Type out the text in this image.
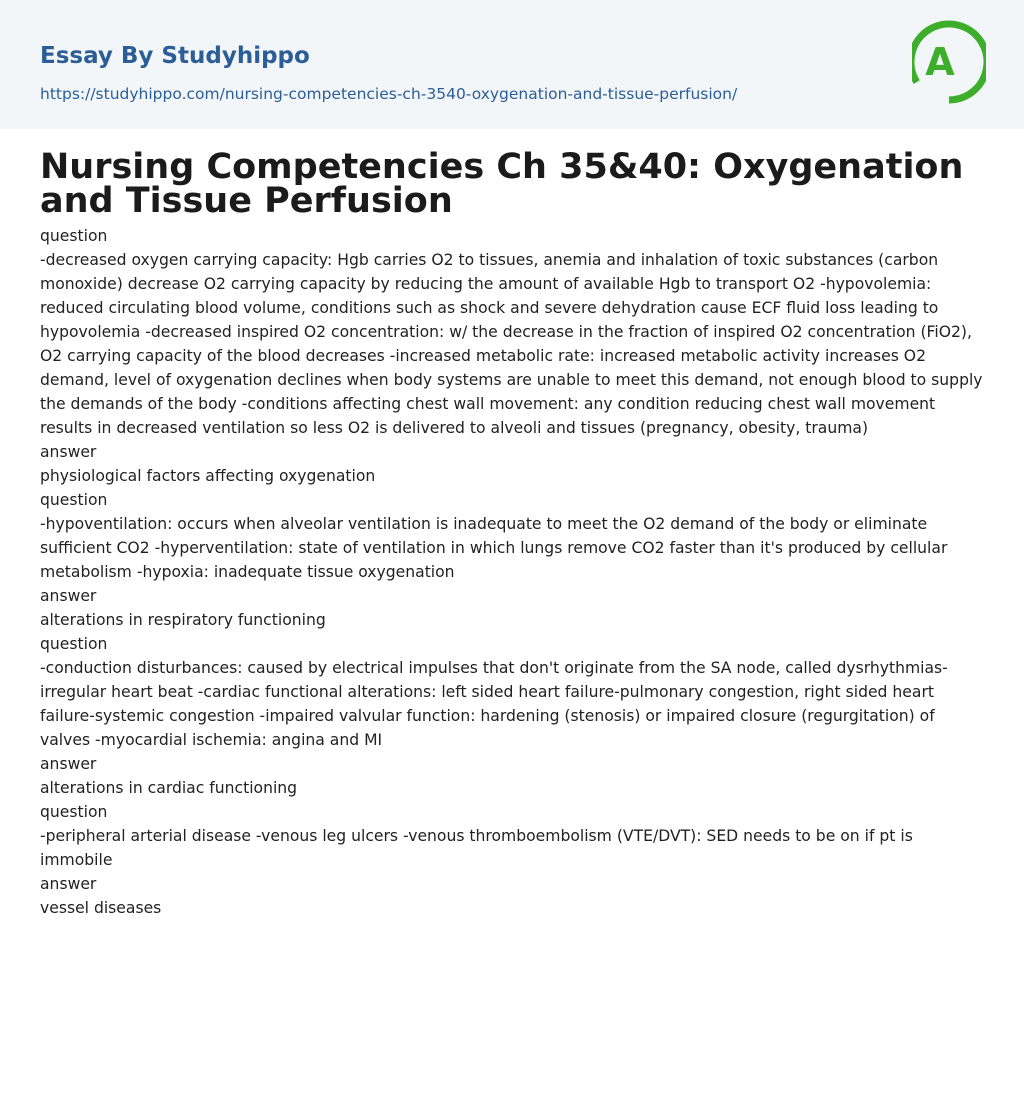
Essay By Studyhippo
https://studyhippo.com/nursing-competencies-ch-3540-oxygenation-and-tissue-perfusion/
A
Nursing Competencies Ch 35&40: Oxygenation and Tissue Perfusion

question

-decreased oxygen carrying capacity: Hgb carries O2 to tissues, anemia and inhalation of toxic substances (carbon monoxide) decrease O2 carrying capacity by reducing the amount of available Hgb to transport O2 -hypovolemia: reduced circulating blood volume, conditions such as shock and severe dehydration cause ECF fluid loss leading to hypovolemia -decreased inspired O2 concentration: w/ the decrease in the fraction of inspired O2 concentration (FiO2), O2 carrying capacity of the blood decreases -increased metabolic rate: increased metabolic activity increases O2 demand, level of oxygenation declines when body systems are unable to meet this demand, not enough blood to supply the demands of the body -conditions affecting chest wall movement: any condition reducing chest wall movement results in decreased ventilation so less O2 is delivered to alveoli and tissues (pregnancy, obesity, trauma)

answer

physiological factors affecting oxygenation

question

-hypoventilation: occurs when alveolar ventilation is inadequate to meet the O2 demand of the body or eliminate sufficient CO2 -hyperventilation: state of ventilation in which lungs remove CO2 faster than it's produced by cellular metabolism -hypoxia: inadequate tissue oxygenation

answer

alterations in respiratory functioning

question

-conduction disturbances: caused by electrical impulses that don't originate from the SA node, called dysrhythmias-irregular heart beat -cardiac functional alterations: left sided heart failure-pulmonary congestion, right sided heart failure-systemic congestion -impaired valvular function: hardening (stenosis) or impaired closure (regurgitation) of valves -myocardial ischemia: angina and MI

answer

alterations in cardiac functioning

question

-peripheral arterial disease -venous leg ulcers -venous thromboembolism (VTE/DVT): SED needs to be on if pt is immobile

answer

vessel diseases
